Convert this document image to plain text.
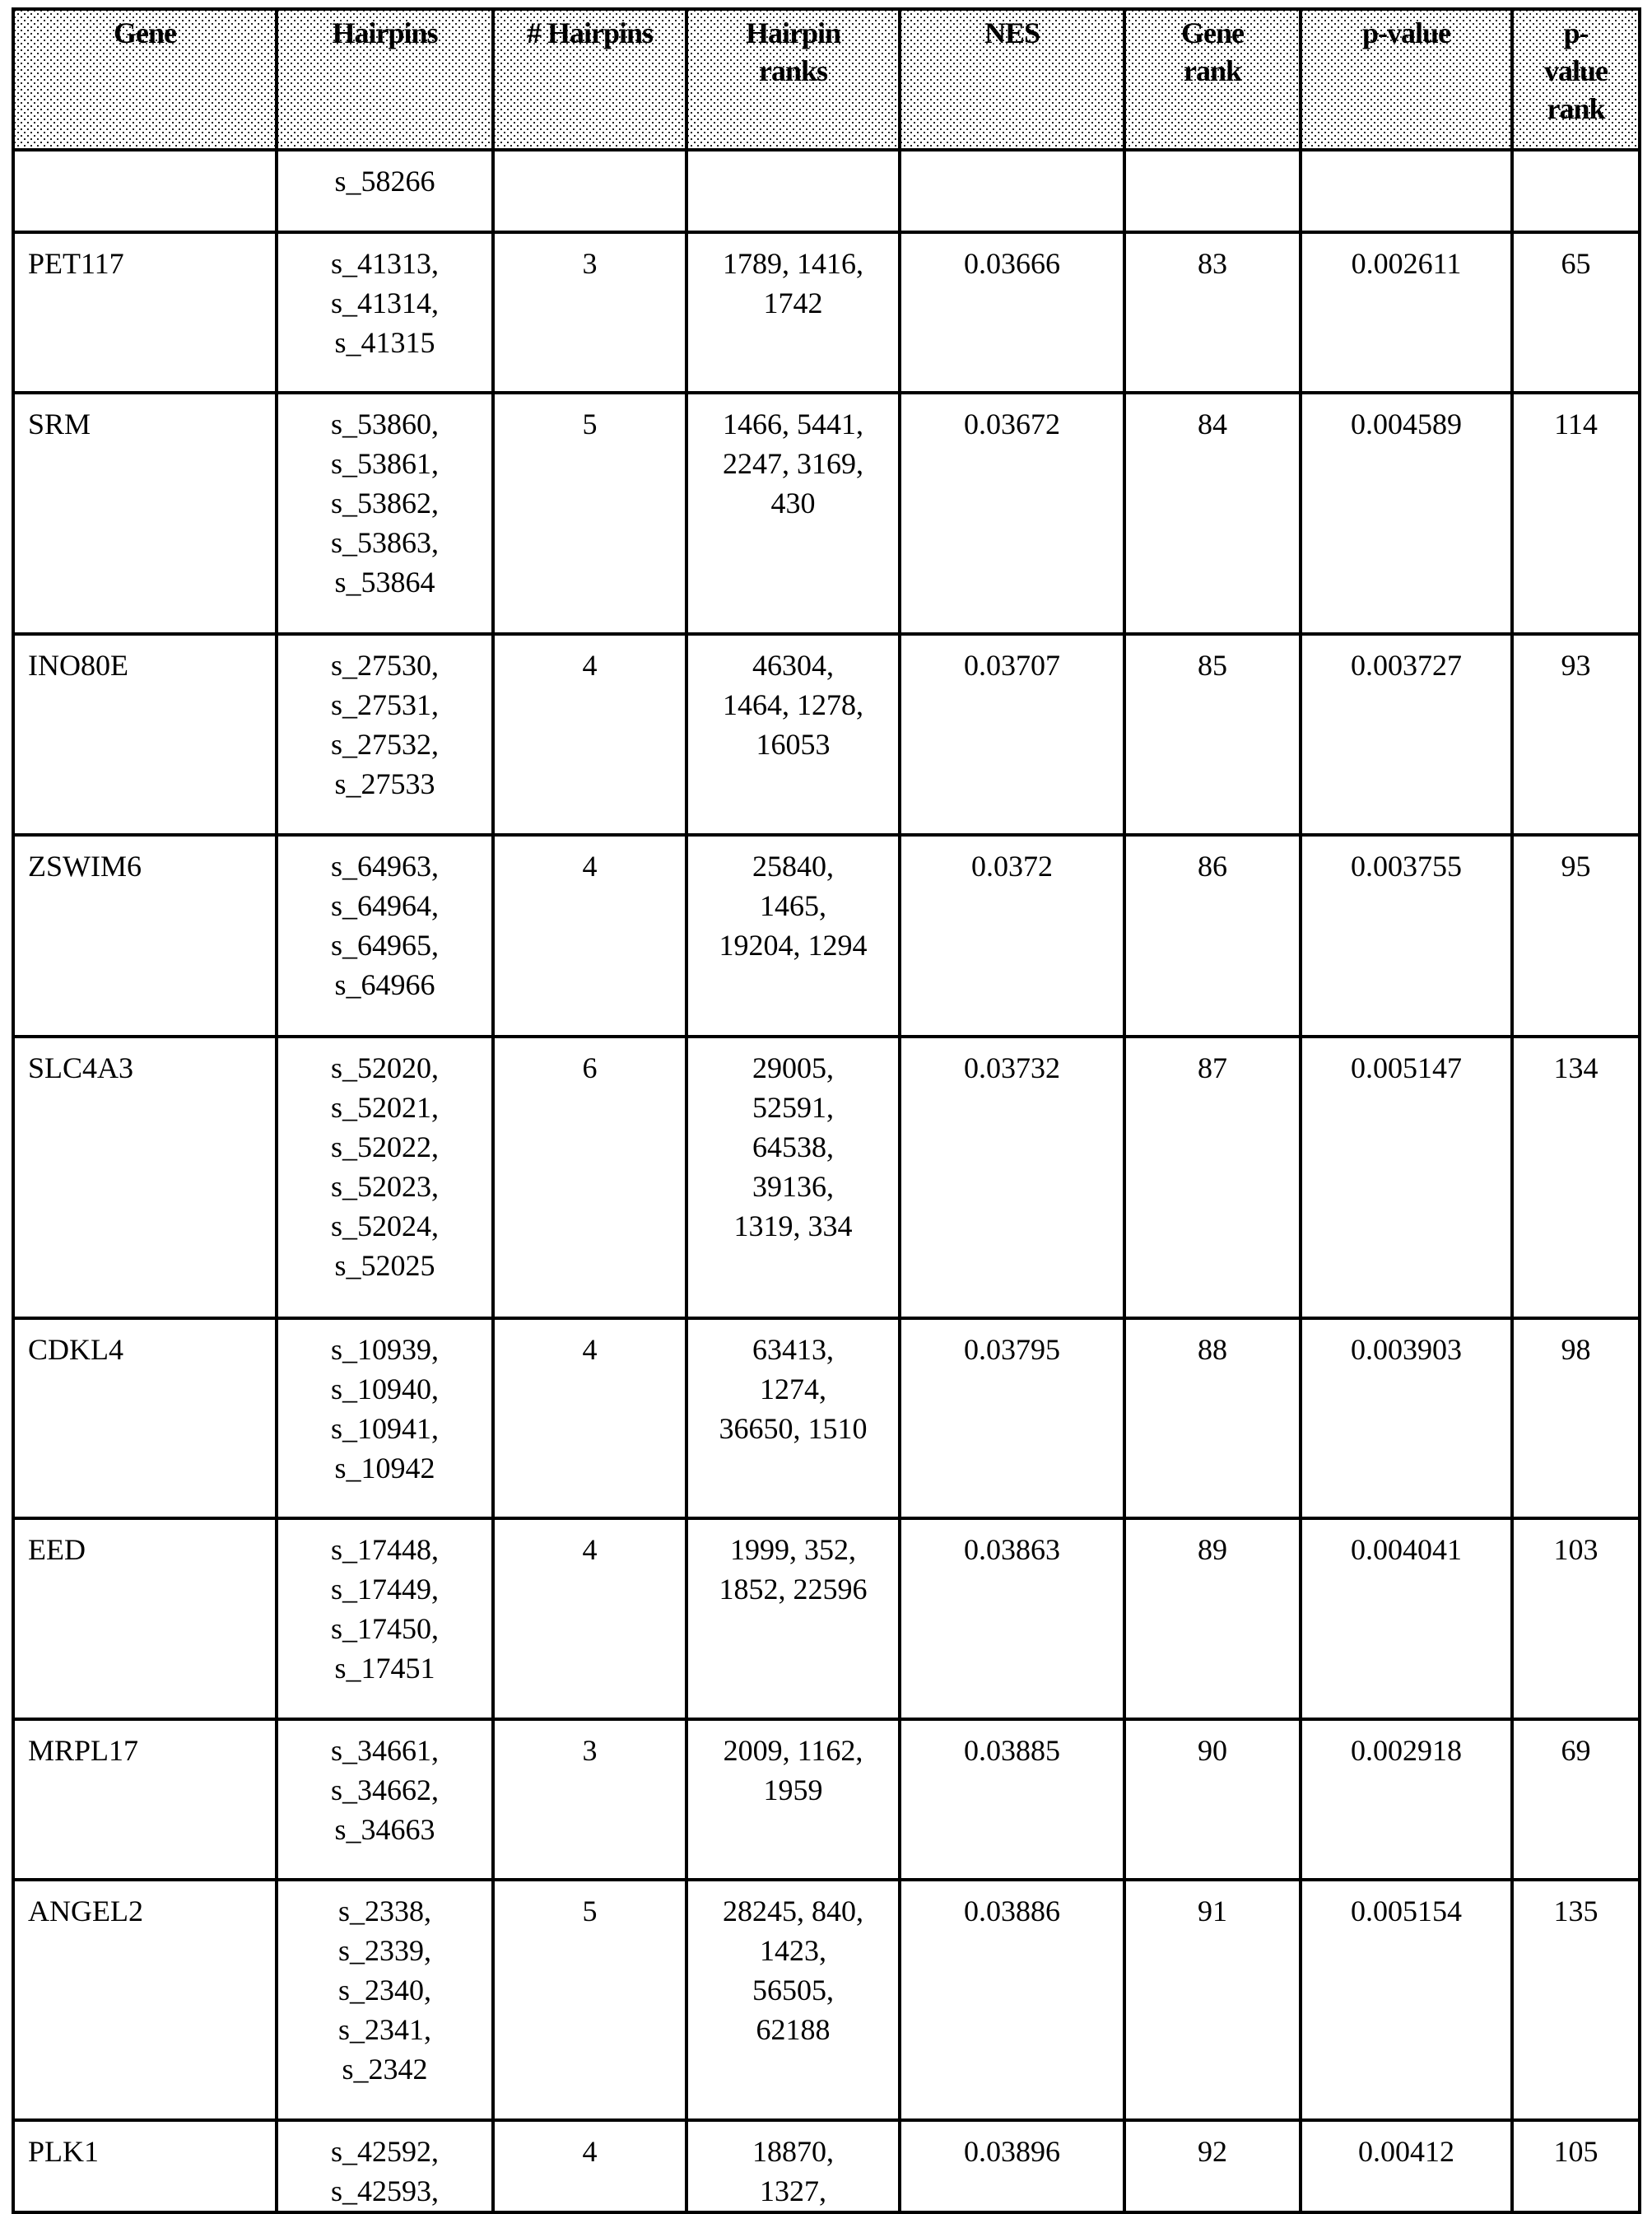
Gene	Hairpins	# Hairpins	Hairpin
ranks	NES	Gene
rank	p-value	p-
value
rank

	s_58266						

PET117	s_41313,
s_41314,
s_41315	3	1789, 1416,
1742	0.03666	83	0.002611	65
SRM	s_53860,
s_53861,
s_53862,
s_53863,
s_53864	5	1466, 5441,
2247, 3169,
430	0.03672	84	0.004589	114
INO80E	s_27530,
s_27531,
s_27532,
s_27533	4	46304,
1464, 1278,
16053	0.03707	85	0.003727	93
ZSWIM6	s_64963,
s_64964,
s_64965,
s_64966	4	25840,
1465,
19204, 1294	0.0372	86	0.003755	95
SLC4A3	s_52020,
s_52021,
s_52022,
s_52023,
s_52024,
s_52025
	6	29005,
52591,
64538,
39136,
1319, 334
	0.03732	87	0.005147	134
CDKL4	s_10939,
s_10940,
s_10941,
s_10942	4	63413,
1274,
36650, 1510	0.03795	88	0.003903	98
EED	s_17448,
s_17449,
s_17450,
s_17451	4	1999, 352,
1852, 22596	0.03863	89	0.004041	103
MRPL17	s_34661,
s_34662,
s_34663	3	2009, 1162,
1959	0.03885	90	0.002918	69
ANGEL2	s_2338,
s_2339,
s_2340,
s_2341,
s_2342	5	28245, 840,
1423,
56505,
62188	0.03886	91	0.005154	135
PLK1	s_42592,
s_42593,	4	18870,
1327,	0.03896	92	0.00412	105
